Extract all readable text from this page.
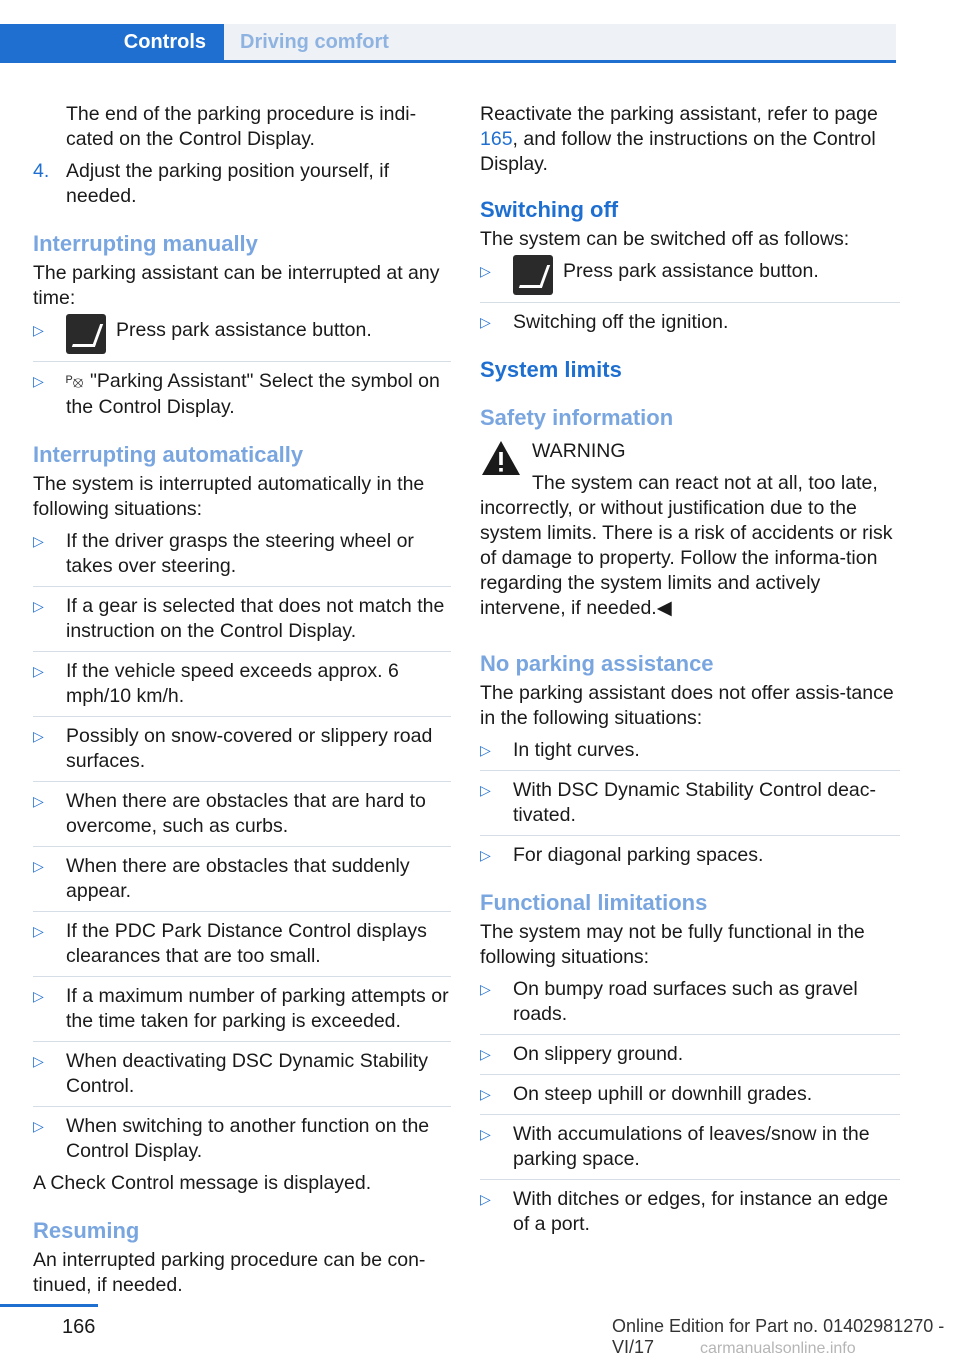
Controls Driving comfort

The end of the parking procedure is indi‐cated on the Control Display.

4. Adjust the parking position yourself, if needed.
Interrupting manually

The parking assistant can be interrupted at any time:

▷	Press park assistance button.
▷	ᴾ⦻ "Parking Assistant" Select the symbol on the Control Display.
Interrupting automatically

The system is interrupted automatically in the following situations:

▷	If the driver grasps the steering wheel or takes over steering.
▷	If a gear is selected that does not match the instruction on the Control Display.
▷	If the vehicle speed exceeds approx. 6 mph/10 km/h.
▷	Possibly on snow-covered or slippery road surfaces.
▷	When there are obstacles that are hard to overcome, such as curbs.
▷	When there are obstacles that suddenly appear.
▷	If the PDC Park Distance Control displays clearances that are too small.
▷	If a maximum number of parking attempts or the time taken for parking is exceeded.
▷	When deactivating DSC Dynamic Stability Control.
▷	When switching to another function on the Control Display.

A Check Control message is displayed.

Resuming

An interrupted parking procedure can be con‐tinued, if needed.

Reactivate the parking assistant, refer to page 165, and follow the instructions on the Control Display.

Switching off

The system can be switched off as follows:

▷	Press park assistance button.
▷	Switching off the ignition.
System limits
Safety information

WARNING

The system can react not at all, too late,

incorrectly, or without justification due to the system limits. There is a risk of accidents or risk of damage to property. Follow the informa‐tion regarding the system limits and actively intervene, if needed.◀

No parking assistance

The parking assistant does not offer assis‐tance in the following situations:

▷	In tight curves.
▷	With DSC Dynamic Stability Control deac‐tivated.
▷	For diagonal parking spaces.
Functional limitations

The system may not be fully functional in the following situations:

▷	On bumpy road surfaces such as gravel roads.
▷	On slippery ground.
▷	On steep uphill or downhill grades.
▷	With accumulations of leaves/snow in the parking space.
▷	With ditches or edges, for instance an edge of a port.
166	Online Edition for Part no. 01402981270 - VI/17	carmanualsonline.info
